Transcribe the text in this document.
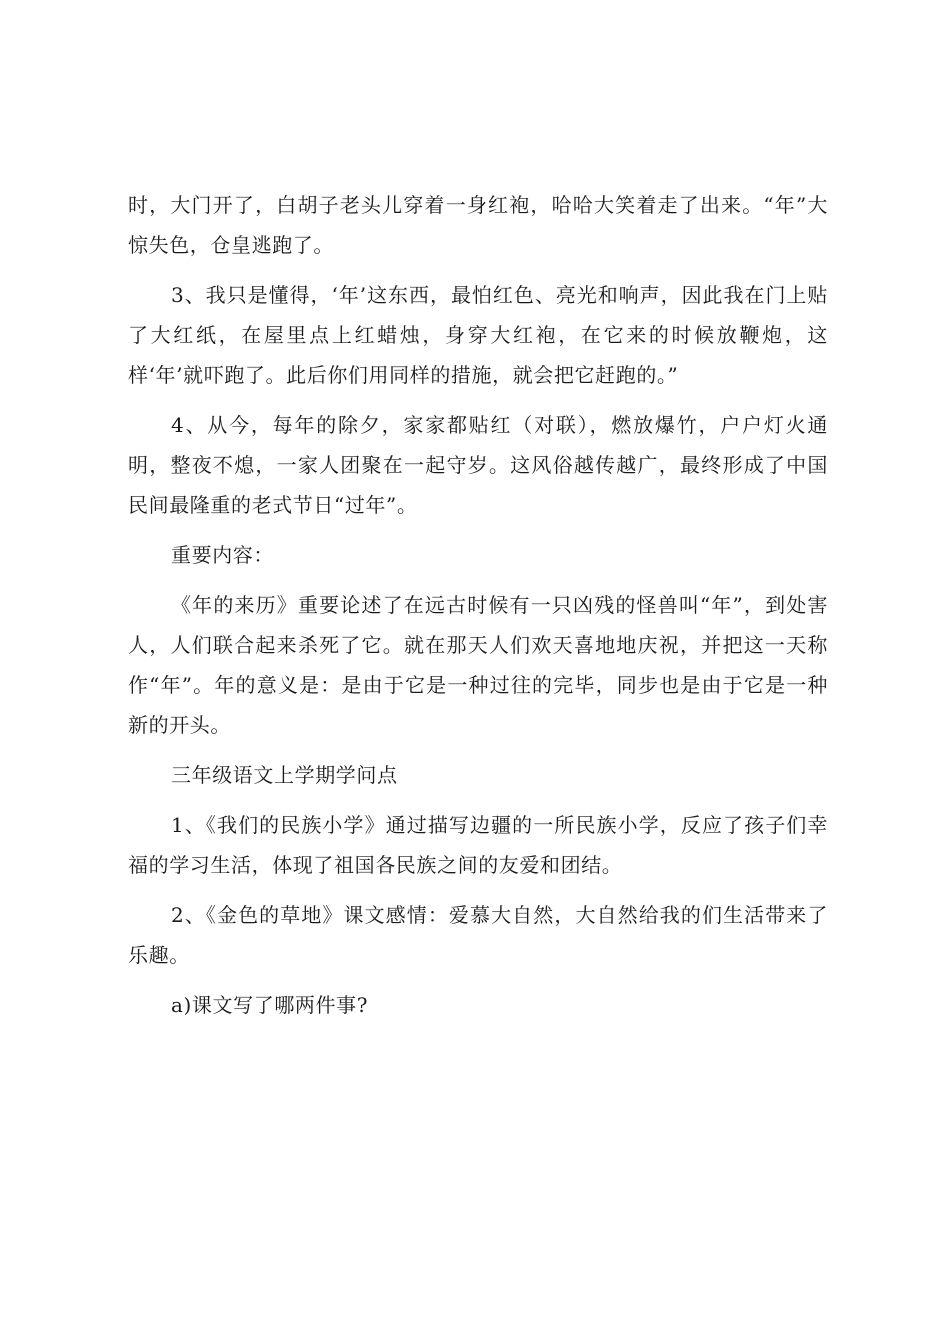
时，大门开了，白胡子老头儿穿着一身红袍，哈哈大笑着走了出来。“年”大惊失色，仓皇逃跑了。

3、我只是懂得，‘年’这东西，最怕红色、亮光和响声，因此我在门上贴了大红纸，在屋里点上红蜡烛，身穿大红袍，在它来的时候放鞭炮，这样‘年’就吓跑了。此后你们用同样的措施，就会把它赶跑的。”

4、从今，每年的除夕，家家都贴红（对联），燃放爆竹，户户灯火通明，整夜不熄，一家人团聚在一起守岁。这风俗越传越广，最终形成了中国民间最隆重的老式节日“过年”。

重要内容：

《年的来历》重要论述了在远古时候有一只凶残的怪兽叫“年”，到处害人，人们联合起来杀死了它。就在那天人们欢天喜地地庆祝，并把这一天称作“年”。年的意义是：是由于它是一种过往的完毕，同步也是由于它是一种新的开头。

三年级语文上学期学问点

1、《我们的民族小学》通过描写边疆的一所民族小学，反应了孩子们幸福的学习生活，体现了祖国各民族之间的友爱和团结。

2、《金色的草地》课文感情：爱慕大自然，大自然给我的们生活带来了乐趣。

a)课文写了哪两件事?
